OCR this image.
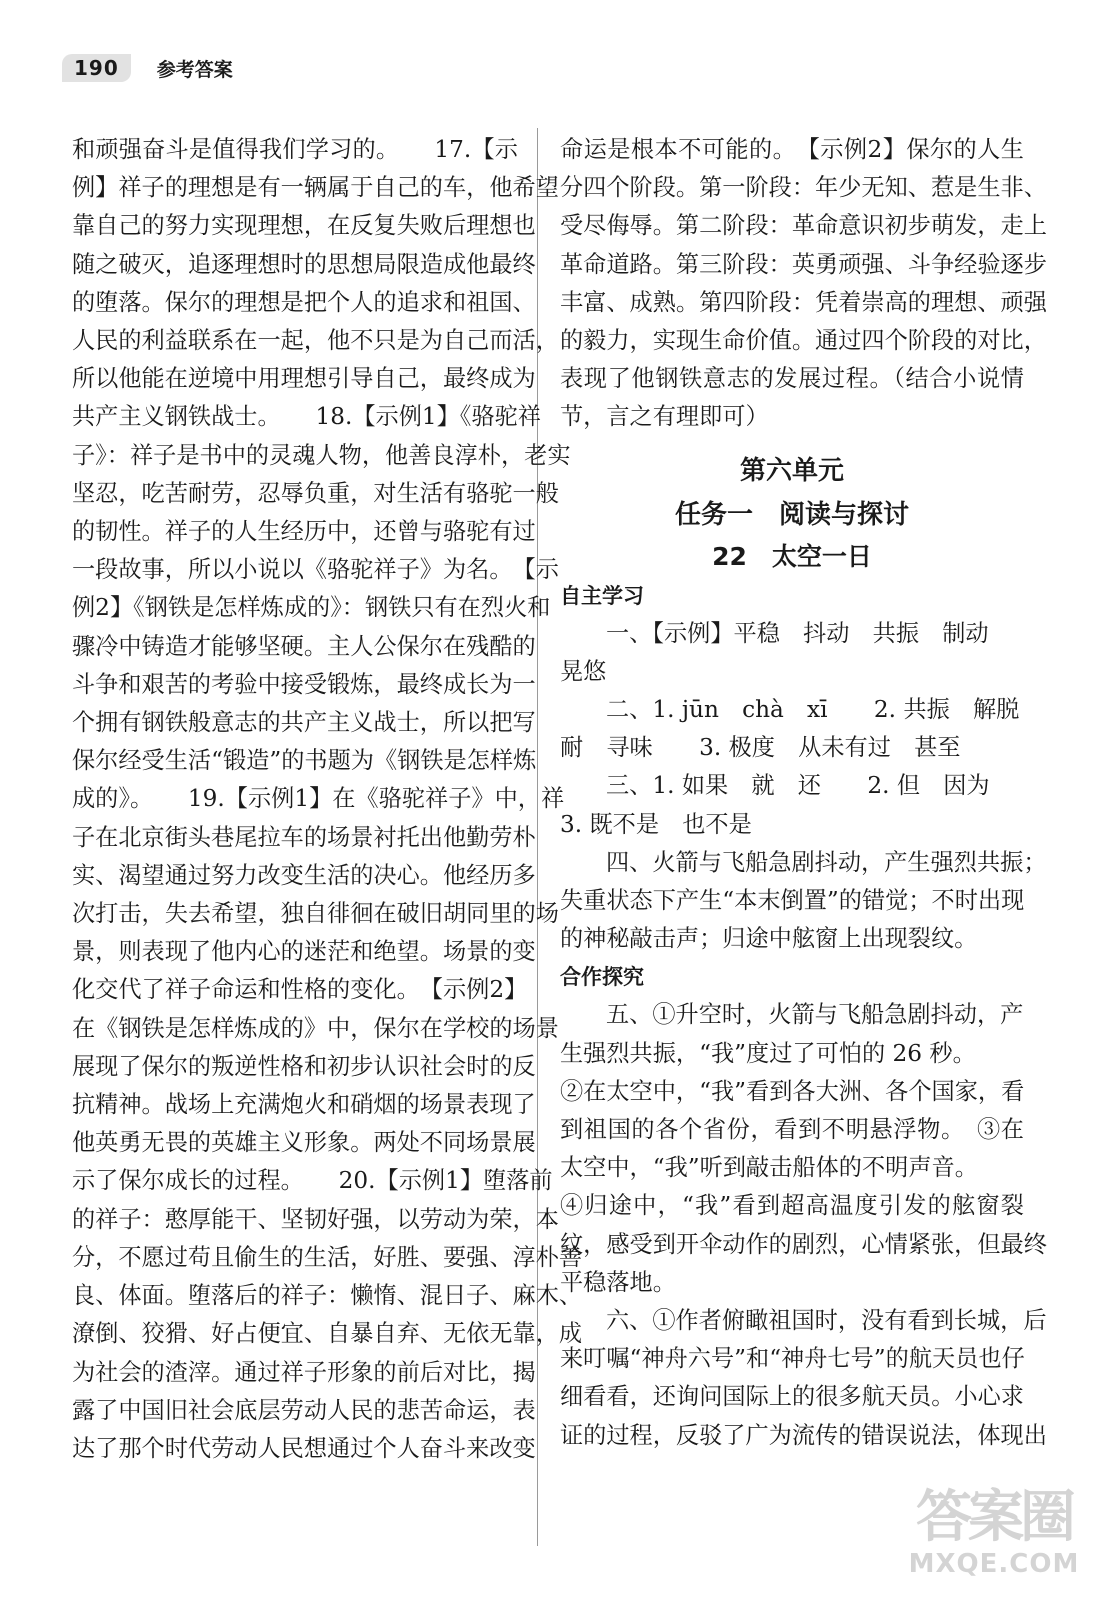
190	参考答案
和顽强奋斗是值得我们学习的。　　17.【示
例】祥子的理想是有一辆属于自己的车，他希望
靠自己的努力实现理想，在反复失败后理想也
随之破灭，追逐理想时的思想局限造成他最终
的堕落。保尔的理想是把个人的追求和祖国、
人民的利益联系在一起，他不只是为自己而活，
所以他能在逆境中用理想引导自己，最终成为
共产主义钢铁战士。　　18.【示例1】《骆驼祥
子》：祥子是书中的灵魂人物，他善良淳朴，老实
坚忍，吃苦耐劳，忍辱负重，对生活有骆驼一般
的韧性。祥子的人生经历中，还曾与骆驼有过
一段故事，所以小说以《骆驼祥子》为名。　【示
例2】《钢铁是怎样炼成的》：钢铁只有在烈火和
骤冷中铸造才能够坚硬。主人公保尔在残酷的
斗争和艰苦的考验中接受锻炼，最终成长为一
个拥有钢铁般意志的共产主义战士，所以把写
保尔经受生活“锻造”的书题为《钢铁是怎样炼
成的》。　　19.【示例1】在《骆驼祥子》中，祥
子在北京街头巷尾拉车的场景衬托出他勤劳朴
实、渴望通过努力改变生活的决心。他经历多
次打击，失去希望，独自徘徊在破旧胡同里的场
景，则表现了他内心的迷茫和绝望。场景的变
化交代了祥子命运和性格的变化。　【示例2】
在《钢铁是怎样炼成的》中，保尔在学校的场景
展现了保尔的叛逆性格和初步认识社会时的反
抗精神。战场上充满炮火和硝烟的场景表现了
他英勇无畏的英雄主义形象。两处不同场景展
示了保尔成长的过程。　　20.【示例1】堕落前
的祥子：憨厚能干、坚韧好强，以劳动为荣，本
分，不愿过苟且偷生的生活，好胜、要强、淳朴善
良、体面。堕落后的祥子：懒惰、混日子、麻木、
潦倒、狡猾、好占便宜、自暴自弃、无依无靠，成
为社会的渣滓。通过祥子形象的前后对比，揭
露了中国旧社会底层劳动人民的悲苦命运，表
达了那个时代劳动人民想通过个人奋斗来改变
命运是根本不可能的。　【示例2】保尔的人生
分四个阶段。第一阶段：年少无知、惹是生非、
受尽侮辱。第二阶段：革命意识初步萌发，走上
革命道路。第三阶段：英勇顽强、斗争经验逐步
丰富、成熟。第四阶段：凭着崇高的理想、顽强
的毅力，实现生命价值。通过四个阶段的对比，
表现了他钢铁意志的发展过程。（结合小说情
节，言之有理即可）
第六单元
任务一　阅读与探讨
22　太空一日
自主学习
一、【示例】平稳　抖动　共振　制动
晃悠
二、1. jūn　chà　xī　　2. 共振　解脱
耐　寻味　　3. 极度　从未有过　甚至
三、1. 如果　就　还　　2. 但　因为
3. 既不是　也不是
四、火箭与飞船急剧抖动，产生强烈共振；
失重状态下产生“本末倒置”的错觉；不时出现
的神秘敲击声；归途中舷窗上出现裂纹。
合作探究
五、①升空时，火箭与飞船急剧抖动，产
生强烈共振，“我”度过了可怕的 26 秒。
②在太空中，“我”看到各大洲、各个国家，看
到祖国的各个省份，看到不明悬浮物。　③在
太空中，“我”听到敲击船体的不明声音。
④归途中，“我”看到超高温度引发的舷窗裂
纹，感受到开伞动作的剧烈，心情紧张，但最终
平稳落地。
六、①作者俯瞰祖国时，没有看到长城，后
来叮嘱“神舟六号”和“神舟七号”的航天员也仔
细看看，还询问国际上的很多航天员。小心求
证的过程，反驳了广为流传的错误说法，体现出
答案圈
MXQE.COM
